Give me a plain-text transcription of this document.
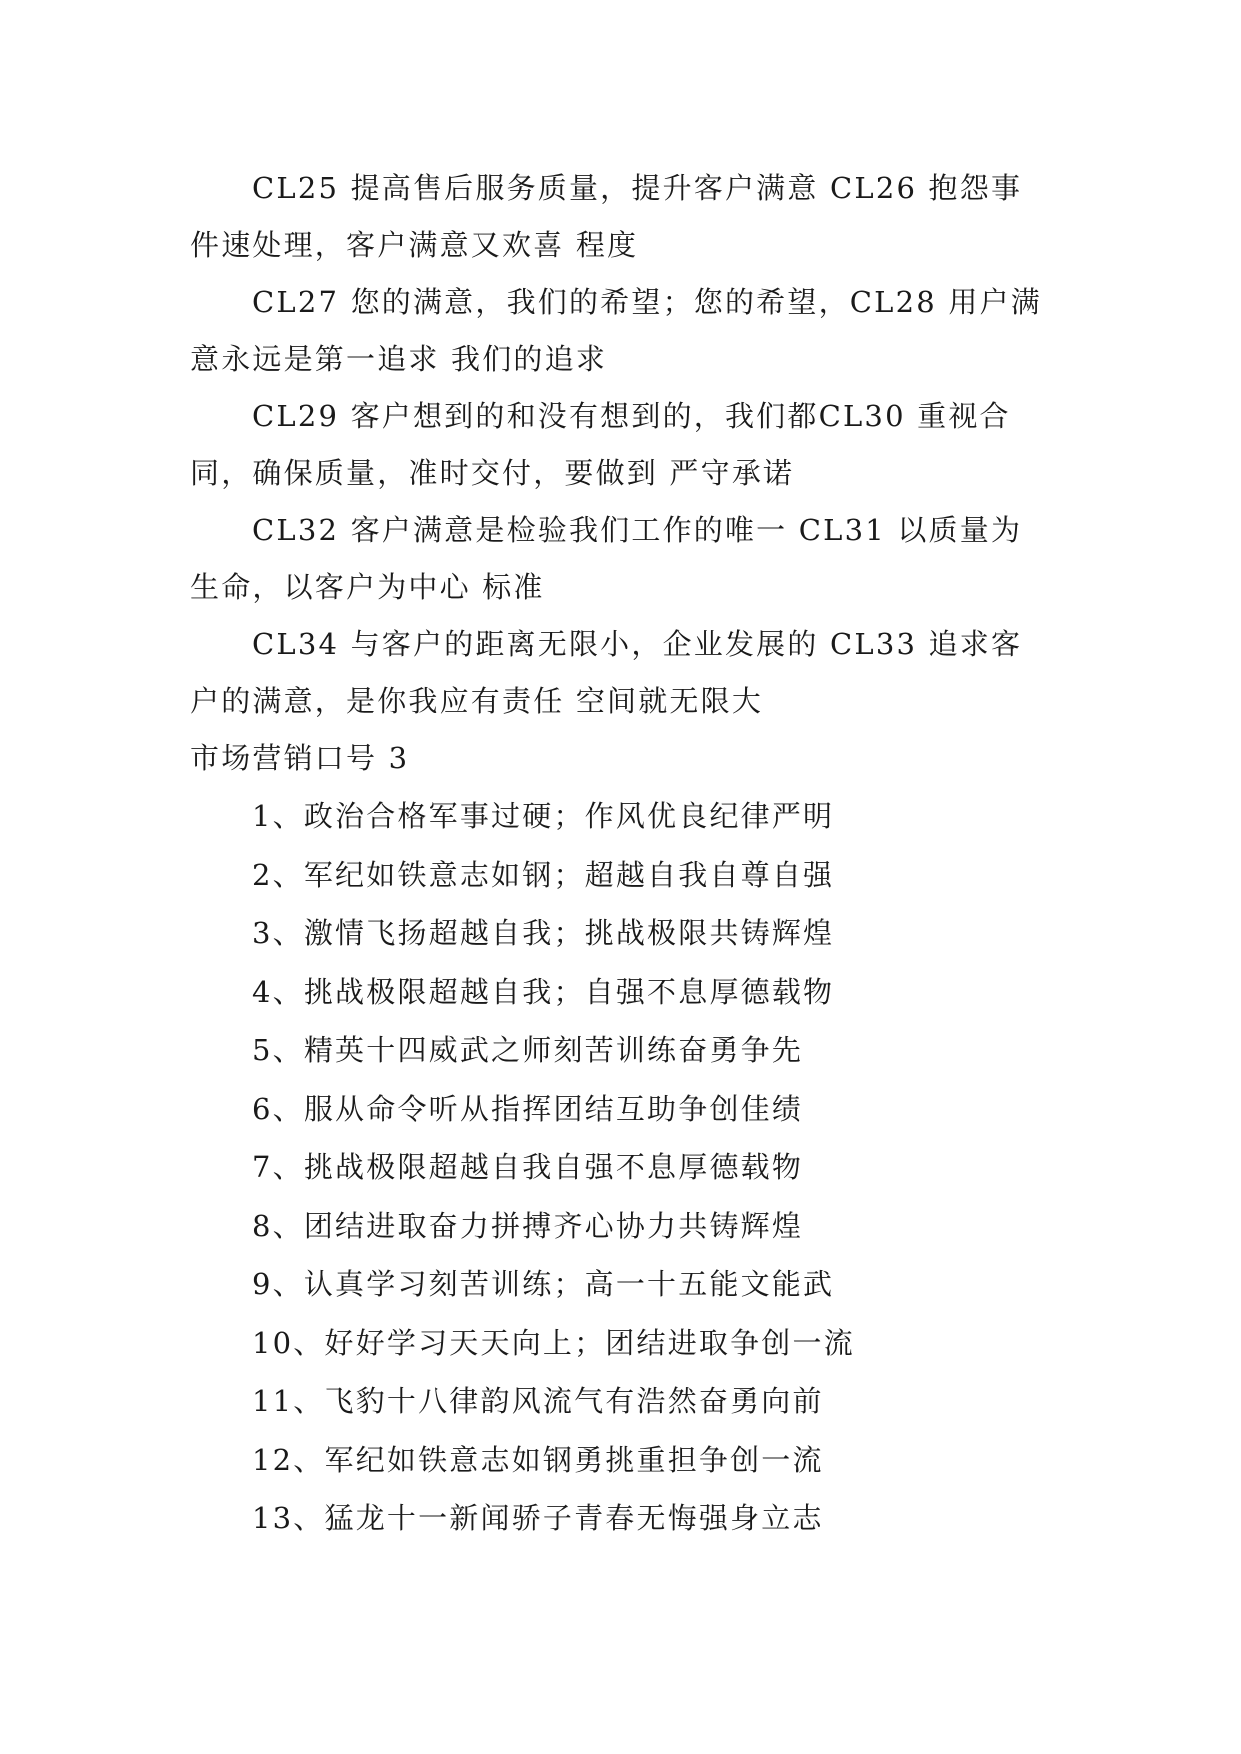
CL25 提高售后服务质量，提升客户满意 CL26 抱怨事件速处理，客户满意又欢喜 程度

CL27 您的满意，我们的希望；您的希望，CL28 用户满意永远是第一追求 我们的追求

CL29 客户想到的和没有想到的，我们都CL30 重视合同，确保质量，准时交付，要做到 严守承诺

CL32 客户满意是检验我们工作的唯一 CL31 以质量为生命，以客户为中心 标准

CL34 与客户的距离无限小，企业发展的 CL33 追求客户的满意，是你我应有责任 空间就无限大

市场营销口号 3

1、政治合格军事过硬；作风优良纪律严明
2、军纪如铁意志如钢；超越自我自尊自强
3、激情飞扬超越自我；挑战极限共铸辉煌
4、挑战极限超越自我；自强不息厚德载物
5、精英十四威武之师刻苦训练奋勇争先
6、服从命令听从指挥团结互助争创佳绩
7、挑战极限超越自我自强不息厚德载物
8、团结进取奋力拼搏齐心协力共铸辉煌
9、认真学习刻苦训练；高一十五能文能武
10、好好学习天天向上；团结进取争创一流
11、飞豹十八律韵风流气有浩然奋勇向前
12、军纪如铁意志如钢勇挑重担争创一流
13、猛龙十一新闻骄子青春无悔强身立志
